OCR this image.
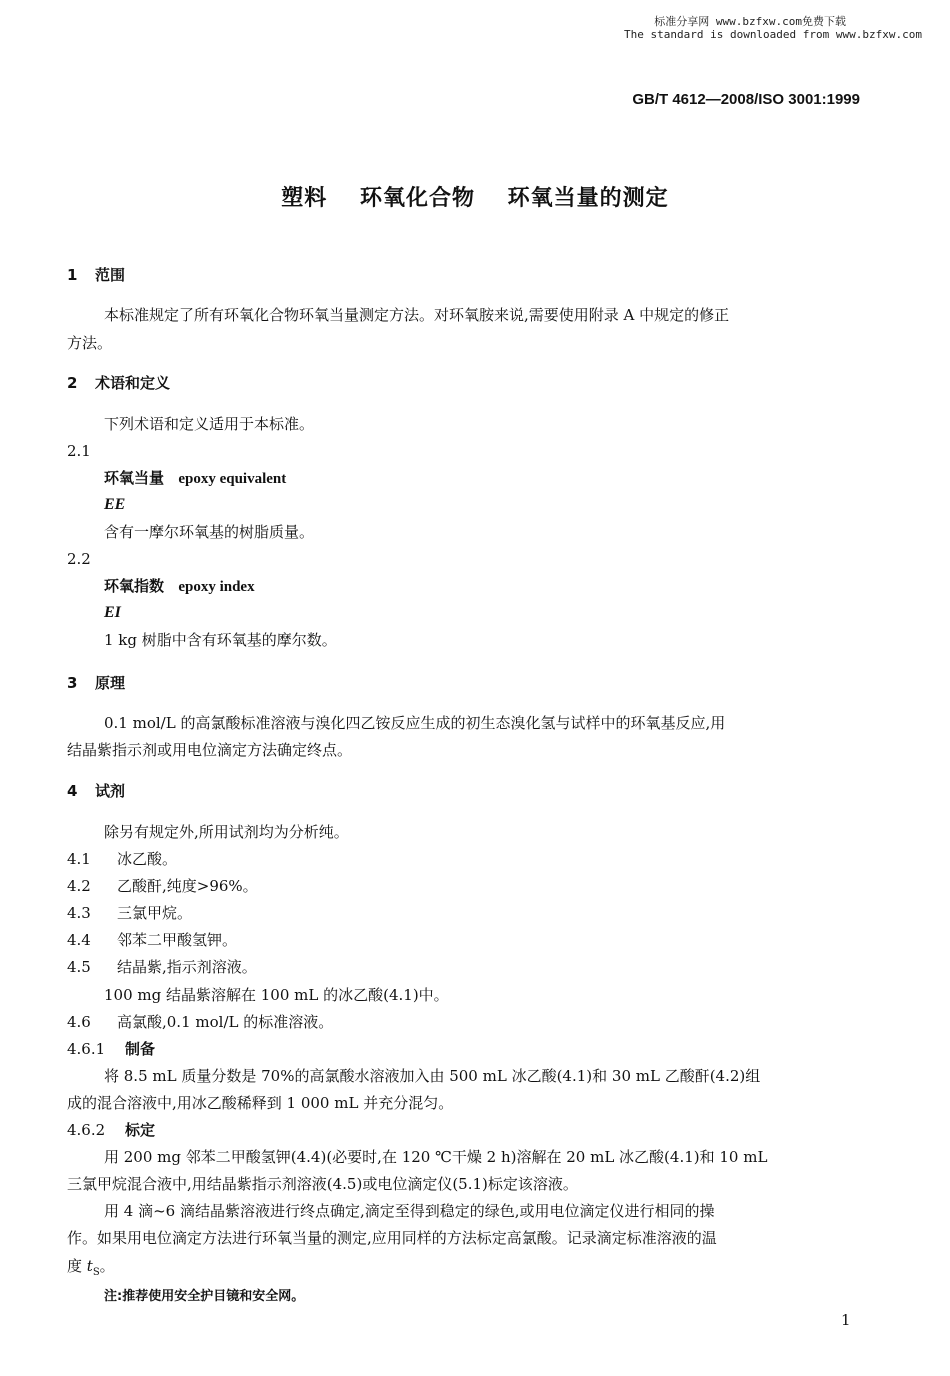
标准分享网 www.bzfxw.com免费下载
The standard is downloaded from www.bzfxw.com
GB/T 4612—2008/ISO 3001:1999
塑料 环氧化合物 环氧当量的测定
1 范围
本标准规定了所有环氧化合物环氧当量测定方法。对环氧胺来说,需要使用附录 A 中规定的修正
方法。
2 术语和定义
下列术语和定义适用于本标准。
2.1
环氧当量 epoxy equivalent
EE
含有一摩尔环氧基的树脂质量。
2.2
环氧指数 epoxy index
EI
1 kg 树脂中含有环氧基的摩尔数。
3 原理
0.1 mol/L 的高氯酸标准溶液与溴化四乙铵反应生成的初生态溴化氢与试样中的环氧基反应,用
结晶紫指示剂或用电位滴定方法确定终点。
4 试剂
除另有规定外,所用试剂均为分析纯。
4.1 冰乙酸。
4.2 乙酸酐,纯度>96%。
4.3 三氯甲烷。
4.4 邻苯二甲酸氢钾。
4.5 结晶紫,指示剂溶液。
100 mg 结晶紫溶解在 100 mL 的冰乙酸(4.1)中。
4.6 高氯酸,0.1 mol/L 的标准溶液。
4.6.1 制备
将 8.5 mL 质量分数是 70%的高氯酸水溶液加入由 500 mL 冰乙酸(4.1)和 30 mL 乙酸酐(4.2)组
成的混合溶液中,用冰乙酸稀释到 1 000 mL 并充分混匀。
4.6.2 标定
用 200 mg 邻苯二甲酸氢钾(4.4)(必要时,在 120 ℃干燥 2 h)溶解在 20 mL 冰乙酸(4.1)和 10 mL
三氯甲烷混合液中,用结晶紫指示剂溶液(4.5)或电位滴定仪(5.1)标定该溶液。
用 4 滴~6 滴结晶紫溶液进行终点确定,滴定至得到稳定的绿色,或用电位滴定仪进行相同的操
作。如果用电位滴定方法进行环氧当量的测定,应用同样的方法标定高氯酸。记录滴定标准溶液的温
度 $t_S$。
注:推荐使用安全护目镜和安全网。
1
